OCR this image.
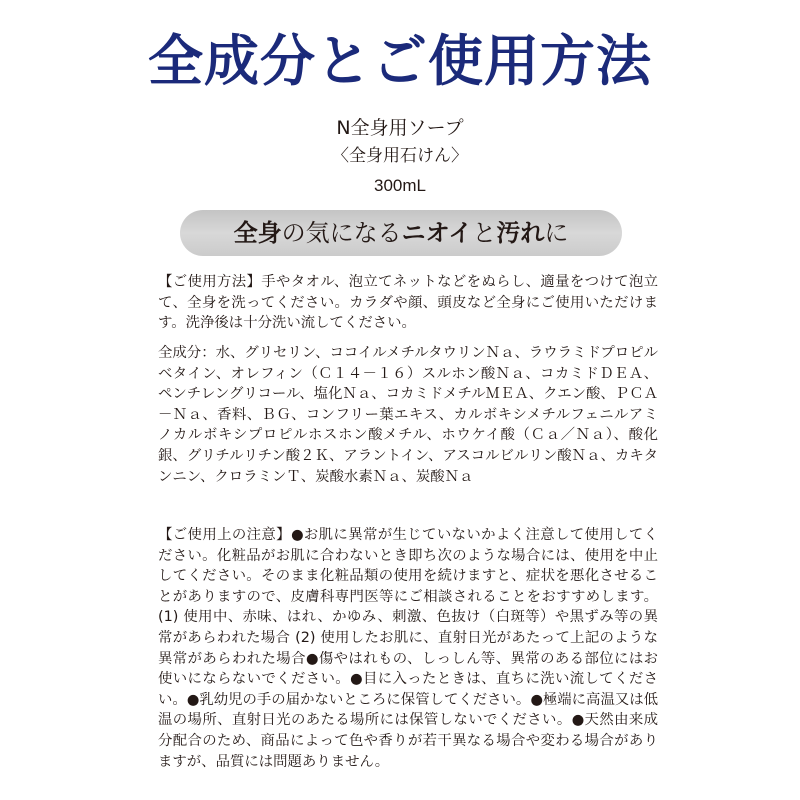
全成分とご使用方法
N全身用ソープ
〈全身用石けん〉
300mL
全身の気になるニオイと汚れに
【ご使用方法】手やタオル、泡立てネットなどをぬらし、適量をつけて泡立て、全身を洗ってください。カラダや顔、頭皮など全身にご使用いただけます。洗浄後は十分洗い流してください。
全成分：水、グリセリン、ココイルメチルタウリンＮａ、ラウラミドプロピルベタイン、オレフィン（Ｃ１４－１６）スルホン酸Ｎａ、コカミドＤＥＡ、ペンチレングリコール、塩化Ｎａ、コカミドメチルＭＥＡ、クエン酸、ＰＣＡ－Ｎａ、香料、ＢＧ、コンフリー葉エキス、カルボキシメチルフェニルアミノカルボキシプロピルホスホン酸メチル、ホウケイ酸（Ｃａ／Ｎａ）、酸化銀、グリチルリチン酸２Ｋ、アラントイン、アスコルビルリン酸Ｎａ、カキタンニン、クロラミンＴ、炭酸水素Ｎａ、炭酸Ｎａ
【ご使用上の注意】●お肌に異常が生じていないかよく注意して使用してください。化粧品がお肌に合わないとき即ち次のような場合には、使用を中止してください。そのまま化粧品類の使用を続けますと、症状を悪化させることがありますので、皮膚科専門医等にご相談されることをおすすめします。(1) 使用中、赤味、はれ、かゆみ、刺激、色抜け（白斑等）や黒ずみ等の異常があらわれた場合 (2) 使用したお肌に、直射日光があたって上記のような異常があらわれた場合●傷やはれもの、しっしん等、異常のある部位にはお使いにならないでください。●目に入ったときは、直ちに洗い流してください。●乳幼児の手の届かないところに保管してください。●極端に高温又は低温の場所、直射日光のあたる場所には保管しないでください。●天然由来成分配合のため、商品によって色や香りが若干異なる場合や変わる場合がありますが、品質には問題ありません。
